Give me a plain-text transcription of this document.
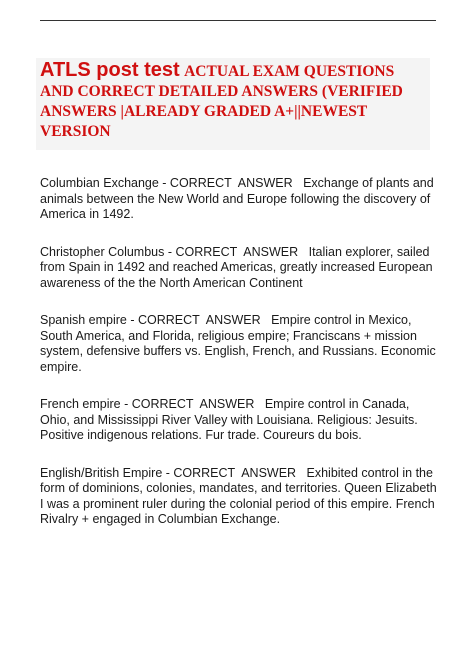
ATLS post test ACTUAL EXAM QUESTIONS AND CORRECT DETAILED ANSWERS (VERIFIED ANSWERS |ALREADY GRADED A+||NEWEST VERSION

Columbian Exchange - CORRECT  ANSWER   Exchange of plants and animals between the New World and Europe following the discovery of America in 1492.

Christopher Columbus - CORRECT  ANSWER   Italian explorer, sailed from Spain in 1492 and reached Americas, greatly increased European awareness of the the North American Continent

Spanish empire - CORRECT  ANSWER   Empire control in Mexico, South America, and Florida, religious empire; Franciscans + mission system, defensive buffers vs. English, French, and Russians. Economic empire.

French empire - CORRECT  ANSWER   Empire control in Canada, Ohio, and Mississippi River Valley with Louisiana. Religious: Jesuits. Positive indigenous relations. Fur trade. Coureurs du bois.

English/British Empire - CORRECT  ANSWER   Exhibited control in the form of dominions, colonies, mandates, and territories. Queen Elizabeth I was a prominent ruler during the colonial period of this empire. French Rivalry + engaged in Columbian Exchange.
